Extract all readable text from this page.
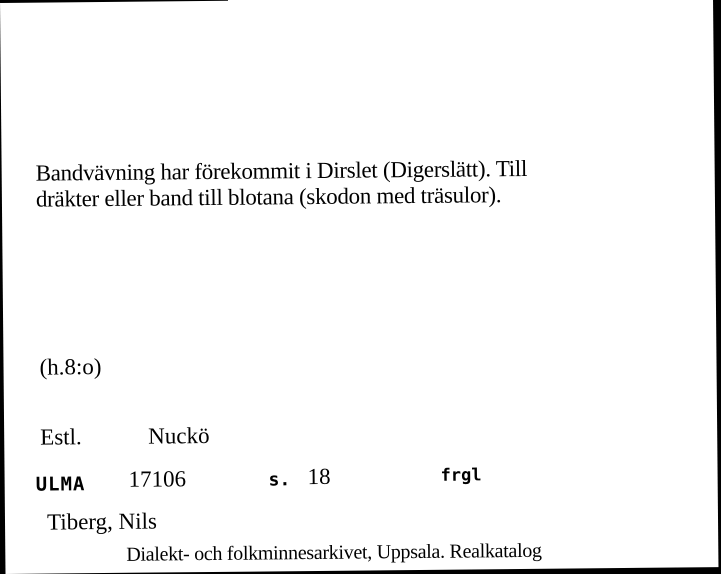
Bandvävning har förekommit i Dirslet (Digerslätt). Till
dräkter eller band till blotana (skodon med träsulor).
(h.8:o)
Estl.	Nuckö
ULMA 17106	s. 18	frgl
Tiberg, Nils
Dialekt- och folkminnesarkivet, Uppsala. Realkatalog
